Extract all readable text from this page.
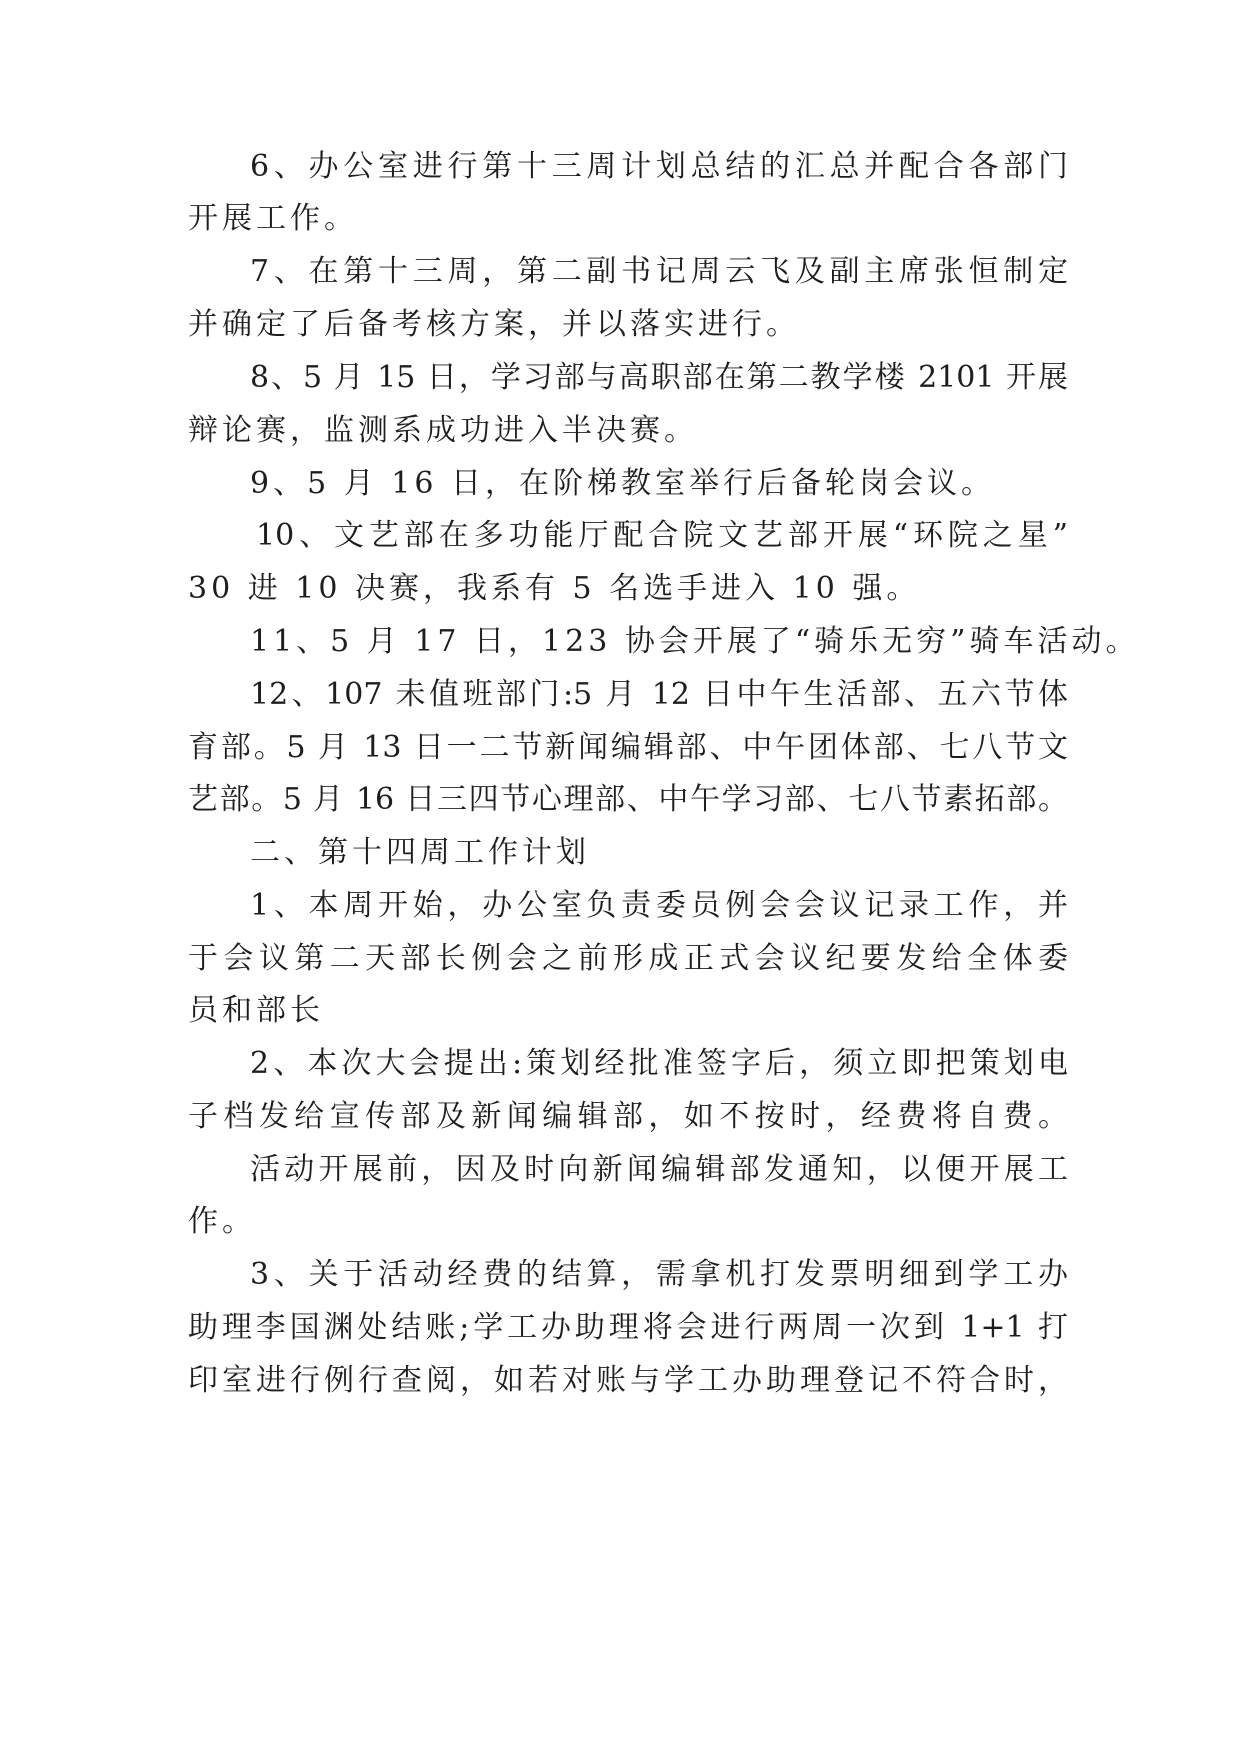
6、办公室进行第十三周计划总结的汇总并配合各部门

开展工作。

7、在第十三周，第二副书记周云飞及副主席张恒制定

并确定了后备考核方案，并以落实进行。

8、5 月 15 日，学习部与高职部在第二教学楼 2101 开展

辩论赛，监测系成功进入半决赛。

9、5 月 16 日，在阶梯教室举行后备轮岗会议。

10、文艺部在多功能厅配合院文艺部开展“环院之星”

30 进 10 决赛，我系有 5 名选手进入 10 强。

11、5 月 17 日，123 协会开展了“骑乐无穷”骑车活动。

12、107 未值班部门:5 月 12 日中午生活部、五六节体

育部。5 月 13 日一二节新闻编辑部、中午团体部、七八节文

艺部。5 月 16 日三四节心理部、中午学习部、七八节素拓部。

二、第十四周工作计划

1、本周开始，办公室负责委员例会会议记录工作，并

于会议第二天部长例会之前形成正式会议纪要发给全体委

员和部长

2、本次大会提出:策划经批准签字后，须立即把策划电

子档发给宣传部及新闻编辑部，如不按时，经费将自费。

活动开展前，因及时向新闻编辑部发通知，以便开展工

作。

3、关于活动经费的结算，需拿机打发票明细到学工办

助理李国渊处结账;学工办助理将会进行两周一次到 1+1 打

印室进行例行查阅，如若对账与学工办助理登记不符合时，
